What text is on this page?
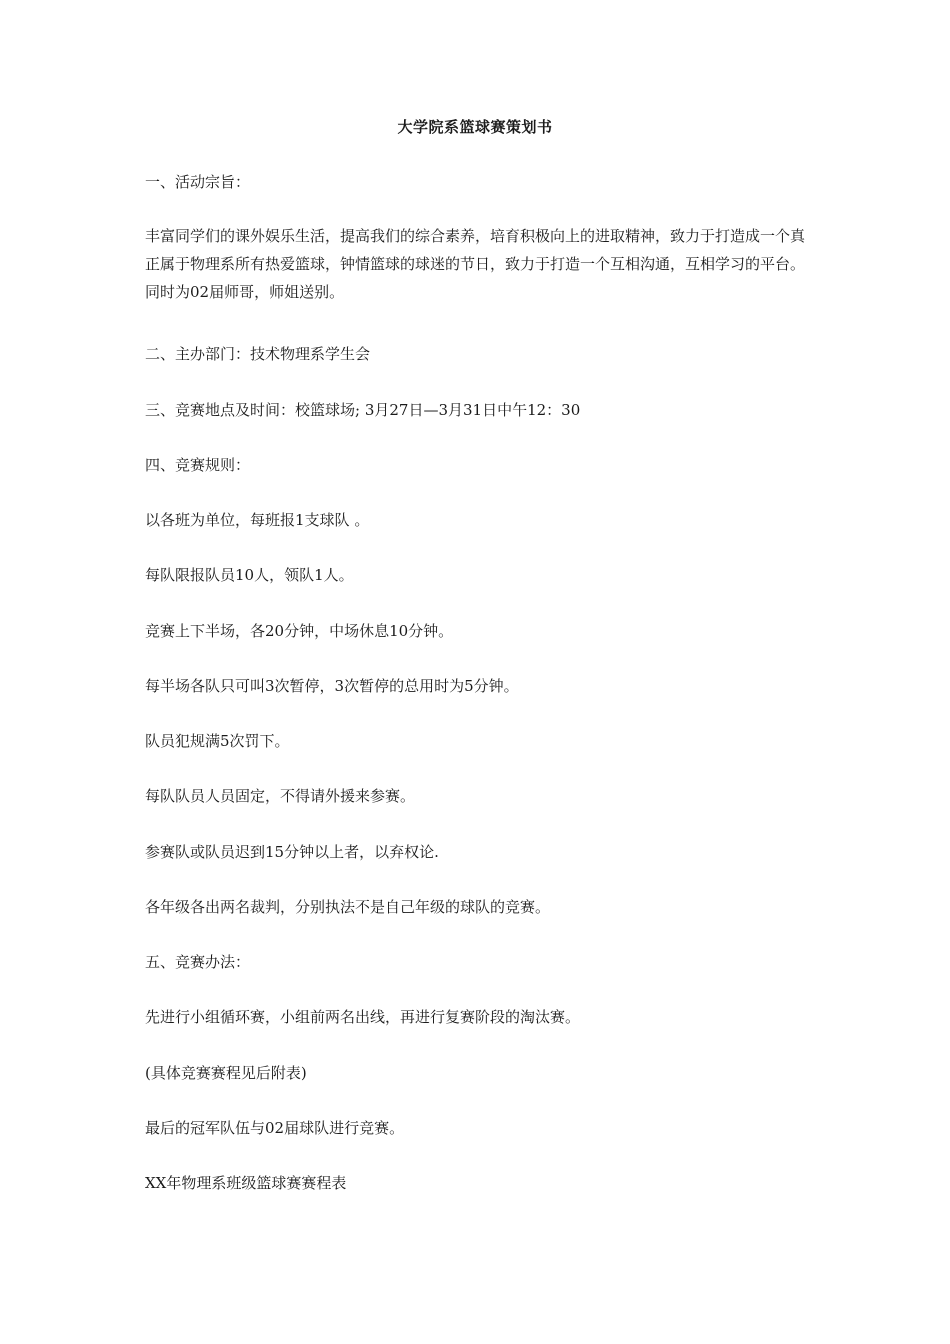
大学院系篮球赛策划书
一、活动宗旨：
丰富同学们的课外娱乐生活，提高我们的综合素养，培育积极向上的进取精神，致力于打造成一个真正属于物理系所有热爱篮球，钟情篮球的球迷的节日，致力于打造一个互相沟通，互相学习的平台。同时为02届师哥，师姐送别。
二、主办部门：技术物理系学生会
三、竞赛地点及时间：校篮球场; 3月27日—3月31日中午12：30
四、竞赛规则：
以各班为单位，每班报1支球队 。
每队限报队员10人，领队1人。
竞赛上下半场，各20分钟，中场休息10分钟。
每半场各队只可叫3次暂停，3次暂停的总用时为5分钟。
队员犯规满5次罚下。
每队队员人员固定，不得请外援来参赛。
参赛队或队员迟到15分钟以上者，以弃权论.
各年级各出两名裁判，分别执法不是自己年级的球队的竞赛。
五、竞赛办法：
先进行小组循环赛，小组前两名出线，再进行复赛阶段的淘汰赛。
(具体竞赛赛程见后附表)
最后的冠军队伍与02届球队进行竞赛。
XX年物理系班级篮球赛赛程表
